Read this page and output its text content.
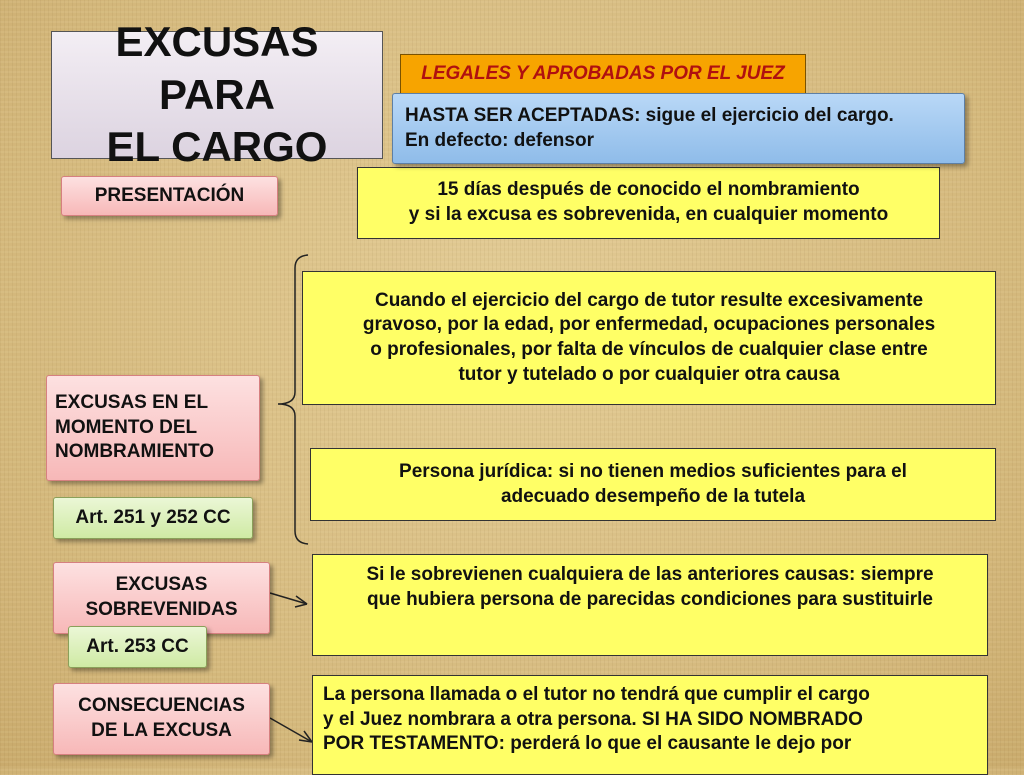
EXCUSAS PARA
EL CARGO
LEGALES Y APROBADAS POR EL JUEZ
15 días después de conocido el nombramiento
y si la excusa es sobrevenida, en cualquier momento
HASTA SER ACEPTADAS: sigue el ejercicio del cargo.
En defecto: defensor
PRESENTACIÓN
Cuando el ejercicio del cargo de tutor resulte excesivamente
gravoso, por la edad, por enfermedad, ocupaciones personales
o profesionales, por falta de vínculos de cualquier clase entre
tutor y tutelado o por cualquier otra causa
EXCUSAS EN EL
MOMENTO DEL
NOMBRAMIENTO
Persona jurídica: si no tienen medios suficientes para el
adecuado desempeño de la tutela
Art. 251 y 252 CC
EXCUSAS
SOBREVENIDAS
Si le sobrevienen cualquiera de las anteriores causas: siempre
que hubiera persona de parecidas condiciones para sustituirle
Art. 253 CC
CONSECUENCIAS
DE LA EXCUSA
La persona llamada o el tutor no tendrá que cumplir el cargo
y el Juez nombrara a otra persona. SI HA SIDO NOMBRADO
POR TESTAMENTO: perderá lo que el causante le dejo por
